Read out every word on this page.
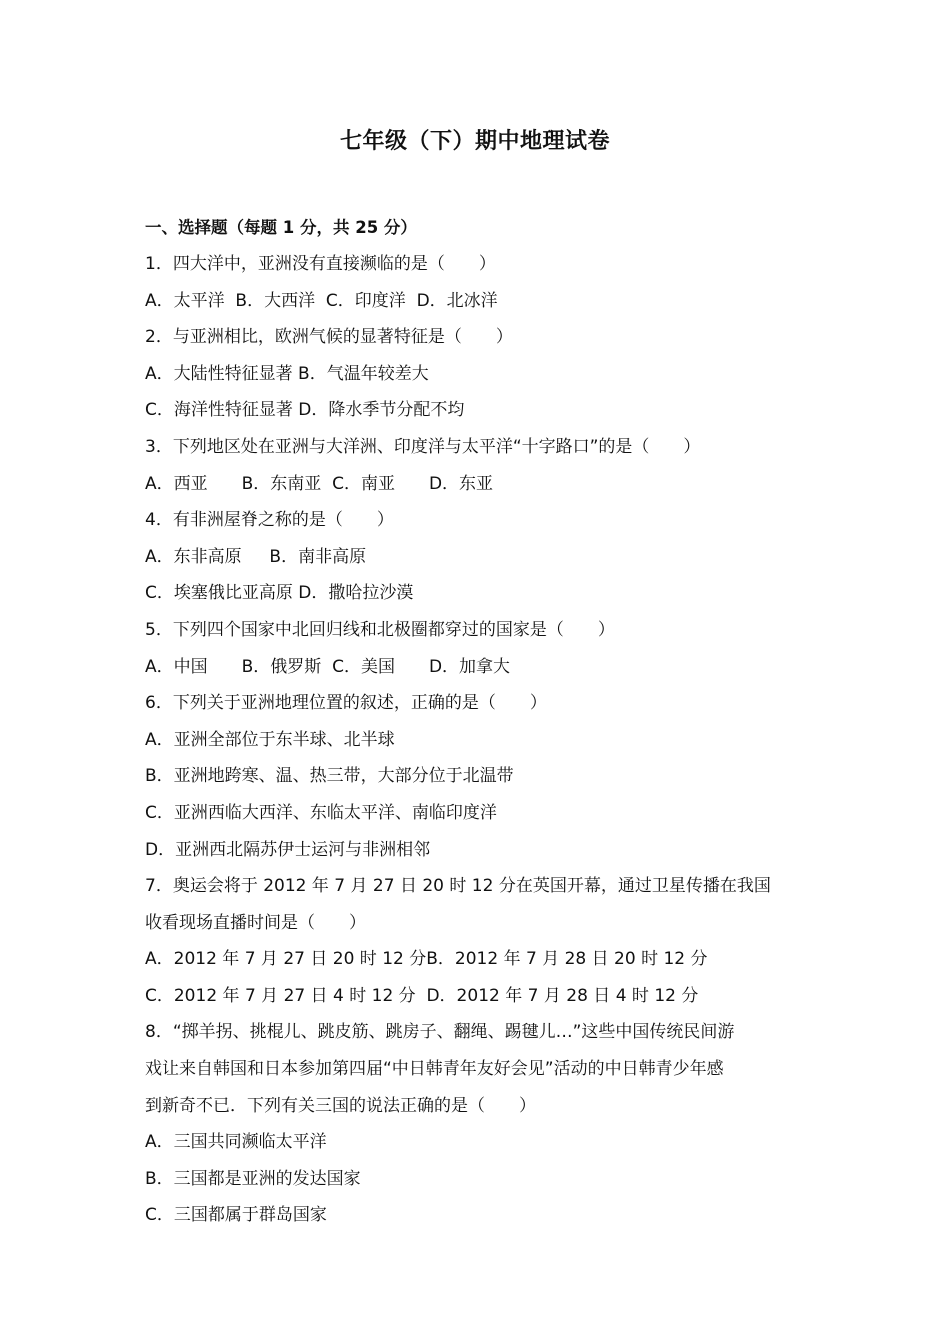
七年级（下）期中地理试卷
一、选择题（每题 1 分，共 25 分）
1．四大洋中，亚洲没有直接濒临的是（　　）
A．太平洋  B．大西洋  C．印度洋  D．北冰洋
2．与亚洲相比，欧洲气候的显著特征是（　　）
A．大陆性特征显著 B．气温年较差大
C．海洋性特征显著 D．降水季节分配不均
3．下列地区处在亚洲与大洋洲、印度洋与太平洋“十字路口”的是（　　）
A．西亚　　B．东南亚  C．南亚　　D．东亚
4．有非洲屋脊之称的是（　　）
A．东非高原　  B．南非高原
C．埃塞俄比亚高原 D．撒哈拉沙漠
5．下列四个国家中北回归线和北极圈都穿过的国家是（　　）
A．中国　　B．俄罗斯  C．美国　　D．加拿大
6．下列关于亚洲地理位置的叙述，正确的是（　　）
A．亚洲全部位于东半球、北半球
B．亚洲地跨寒、温、热三带，大部分位于北温带
C．亚洲西临大西洋、东临太平洋、南临印度洋
D．亚洲西北隔苏伊士运河与非洲相邻
7．奥运会将于 2012 年 7 月 27 日 20 时 12 分在英国开幕，通过卫星传播在我国
收看现场直播时间是（　　）
A．2012 年 7 月 27 日 20 时 12 分B．2012 年 7 月 28 日 20 时 12 分
C．2012 年 7 月 27 日 4 时 12 分  D．2012 年 7 月 28 日 4 时 12 分
8．“掷羊拐、挑棍儿、跳皮筋、跳房子、翻绳、踢毽儿…”这些中国传统民间游
戏让来自韩国和日本参加第四届“中日韩青年友好会见”活动的中日韩青少年感
到新奇不已．下列有关三国的说法正确的是（　　）
A．三国共同濒临太平洋
B．三国都是亚洲的发达国家
C．三国都属于群岛国家
